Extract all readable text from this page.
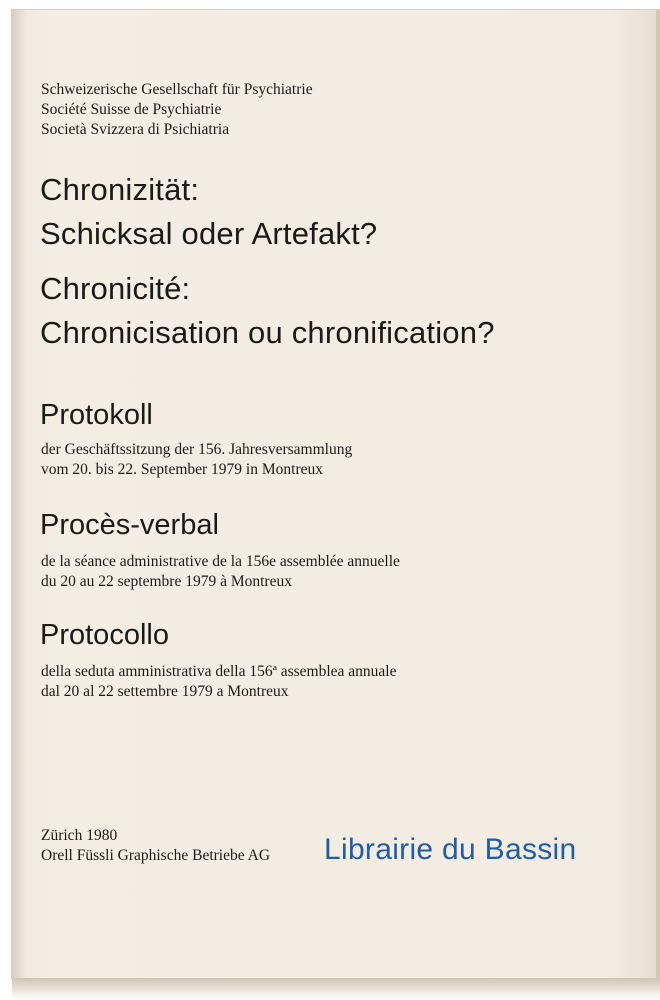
Schweizerische Gesellschaft für Psychiatrie
Société Suisse de Psychiatrie
Società Svizzera di Psichiatria
Chronizität:
Schicksal oder Artefakt?
Chronicité:
Chronicisation ou chronification?
Protokoll
der Geschäftssitzung der 156. Jahresversammlung
vom 20. bis 22. September 1979 in Montreux
Procès-verbal
de la séance administrative de la 156e assemblée annuelle
du 20 au 22 septembre 1979 à Montreux
Protocollo
della seduta amministrativa della 156ª assemblea annuale
dal 20 al 22 settembre 1979 a Montreux
Zürich 1980
Orell Füssli Graphische Betriebe AG Librairie du Bassin
